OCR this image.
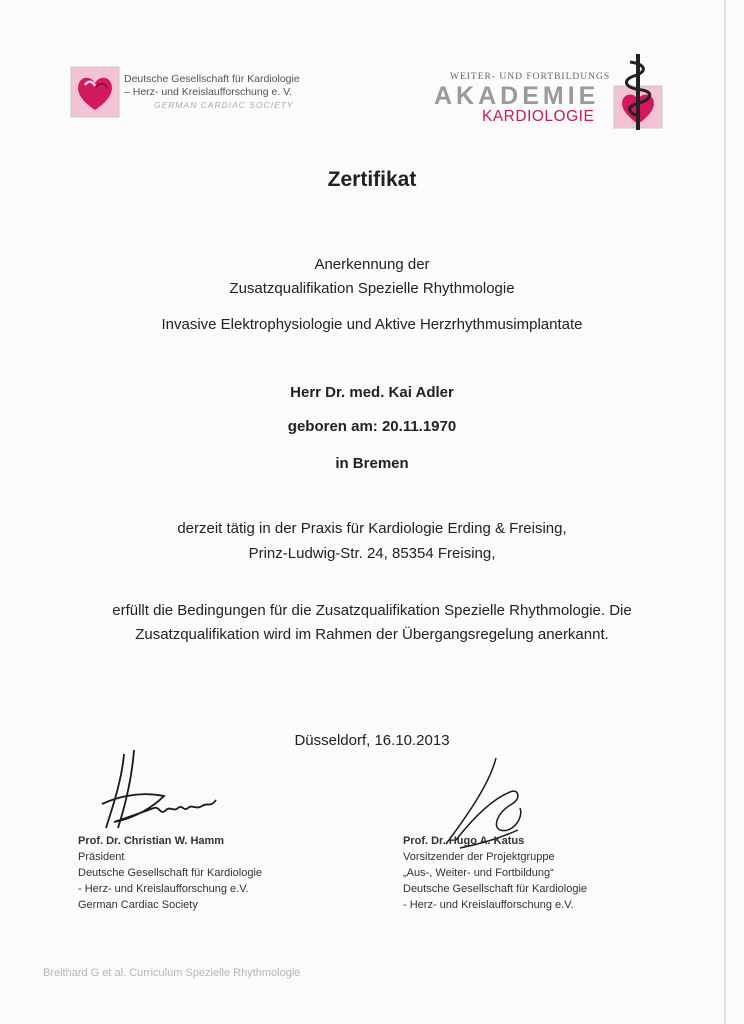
Deutsche Gesellschaft für Kardiologie
– Herz- und Kreislaufforschung e. V.
GERMAN CARDIAC SOCIETY
WEITER- UND FORTBILDUNGS
AKADEMIE
KARDIOLOGIE
Zertifikat
Anerkennung der
Zusatzqualifikation Spezielle Rhythmologie
Invasive Elektrophysiologie und Aktive Herzrhythmusimplantate
Herr Dr. med. Kai Adler
geboren am: 20.11.1970
in Bremen
derzeit tätig in der Praxis für Kardiologie Erding & Freising,
Prinz-Ludwig-Str. 24, 85354 Freising,
erfüllt die Bedingungen für die Zusatzqualifikation Spezielle Rhythmologie. Die
Zusatzqualifikation wird im Rahmen der Übergangsregelung anerkannt.
Düsseldorf, 16.10.2013
Prof. Dr. Christian W. Hamm
Präsident
Deutsche Gesellschaft für Kardiologie
- Herz- und Kreislaufforschung e.V.
German Cardiac Society
Prof. Dr. Hugo A. Katus
Vorsitzender der Projektgruppe
„Aus-, Weiter- und Fortbildung“
Deutsche Gesellschaft für Kardiologie
- Herz- und Kreislaufforschung e.V.
Breithard G et al. Curriculum Spezielle Rhythmologie
